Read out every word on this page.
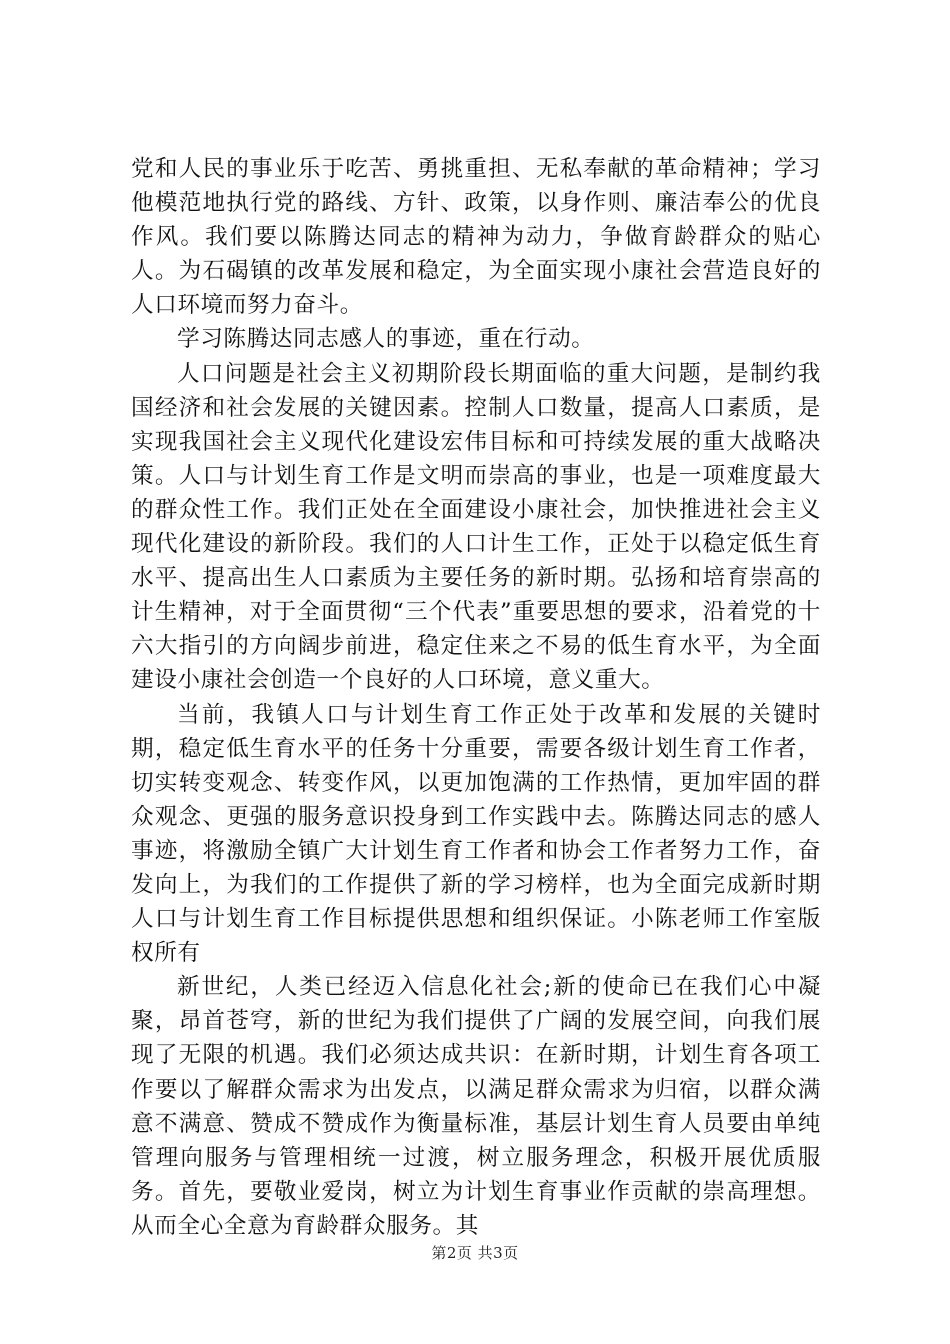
党和人民的事业乐于吃苦、勇挑重担、无私奉献的革命精神；学习他模范地执行党的路线、方针、政策，以身作则、廉洁奉公的优良作风。我们要以陈腾达同志的精神为动力，争做育龄群众的贴心人。为石碣镇的改革发展和稳定，为全面实现小康社会营造良好的人口环境而努力奋斗。

学习陈腾达同志感人的事迹，重在行动。

人口问题是社会主义初期阶段长期面临的重大问题，是制约我国经济和社会发展的关键因素。控制人口数量，提高人口素质，是实现我国社会主义现代化建设宏伟目标和可持续发展的重大战略决策。人口与计划生育工作是文明而崇高的事业，也是一项难度最大的群众性工作。我们正处在全面建设小康社会，加快推进社会主义现代化建设的新阶段。我们的人口计生工作，正处于以稳定低生育水平、提高出生人口素质为主要任务的新时期。弘扬和培育崇高的计生精神，对于全面贯彻“三个代表”重要思想的要求，沿着党的十六大指引的方向阔步前进，稳定住来之不易的低生育水平，为全面建设小康社会创造一个良好的人口环境，意义重大。

当前，我镇人口与计划生育工作正处于改革和发展的关键时期，稳定低生育水平的任务十分重要，需要各级计划生育工作者，切实转变观念、转变作风，以更加饱满的工作热情，更加牢固的群众观念、更强的服务意识投身到工作实践中去。陈腾达同志的感人事迹，将激励全镇广大计划生育工作者和协会工作者努力工作，奋发向上，为我们的工作提供了新的学习榜样，也为全面完成新时期人口与计划生育工作目标提供思想和组织保证。小陈老师工作室版权所有

新世纪，人类已经迈入信息化社会;新的使命已在我们心中凝聚，昂首苍穹，新的世纪为我们提供了广阔的发展空间，向我们展现了无限的机遇。我们必须达成共识：在新时期，计划生育各项工作要以了解群众需求为出发点，以满足群众需求为归宿，以群众满意不满意、赞成不赞成作为衡量标准，基层计划生育人员要由单纯管理向服务与管理相统一过渡，树立服务理念，积极开展优质服务。首先，要敬业爱岗，树立为计划生育事业作贡献的崇高理想。从而全心全意为育龄群众服务。其

第2页 共3页
